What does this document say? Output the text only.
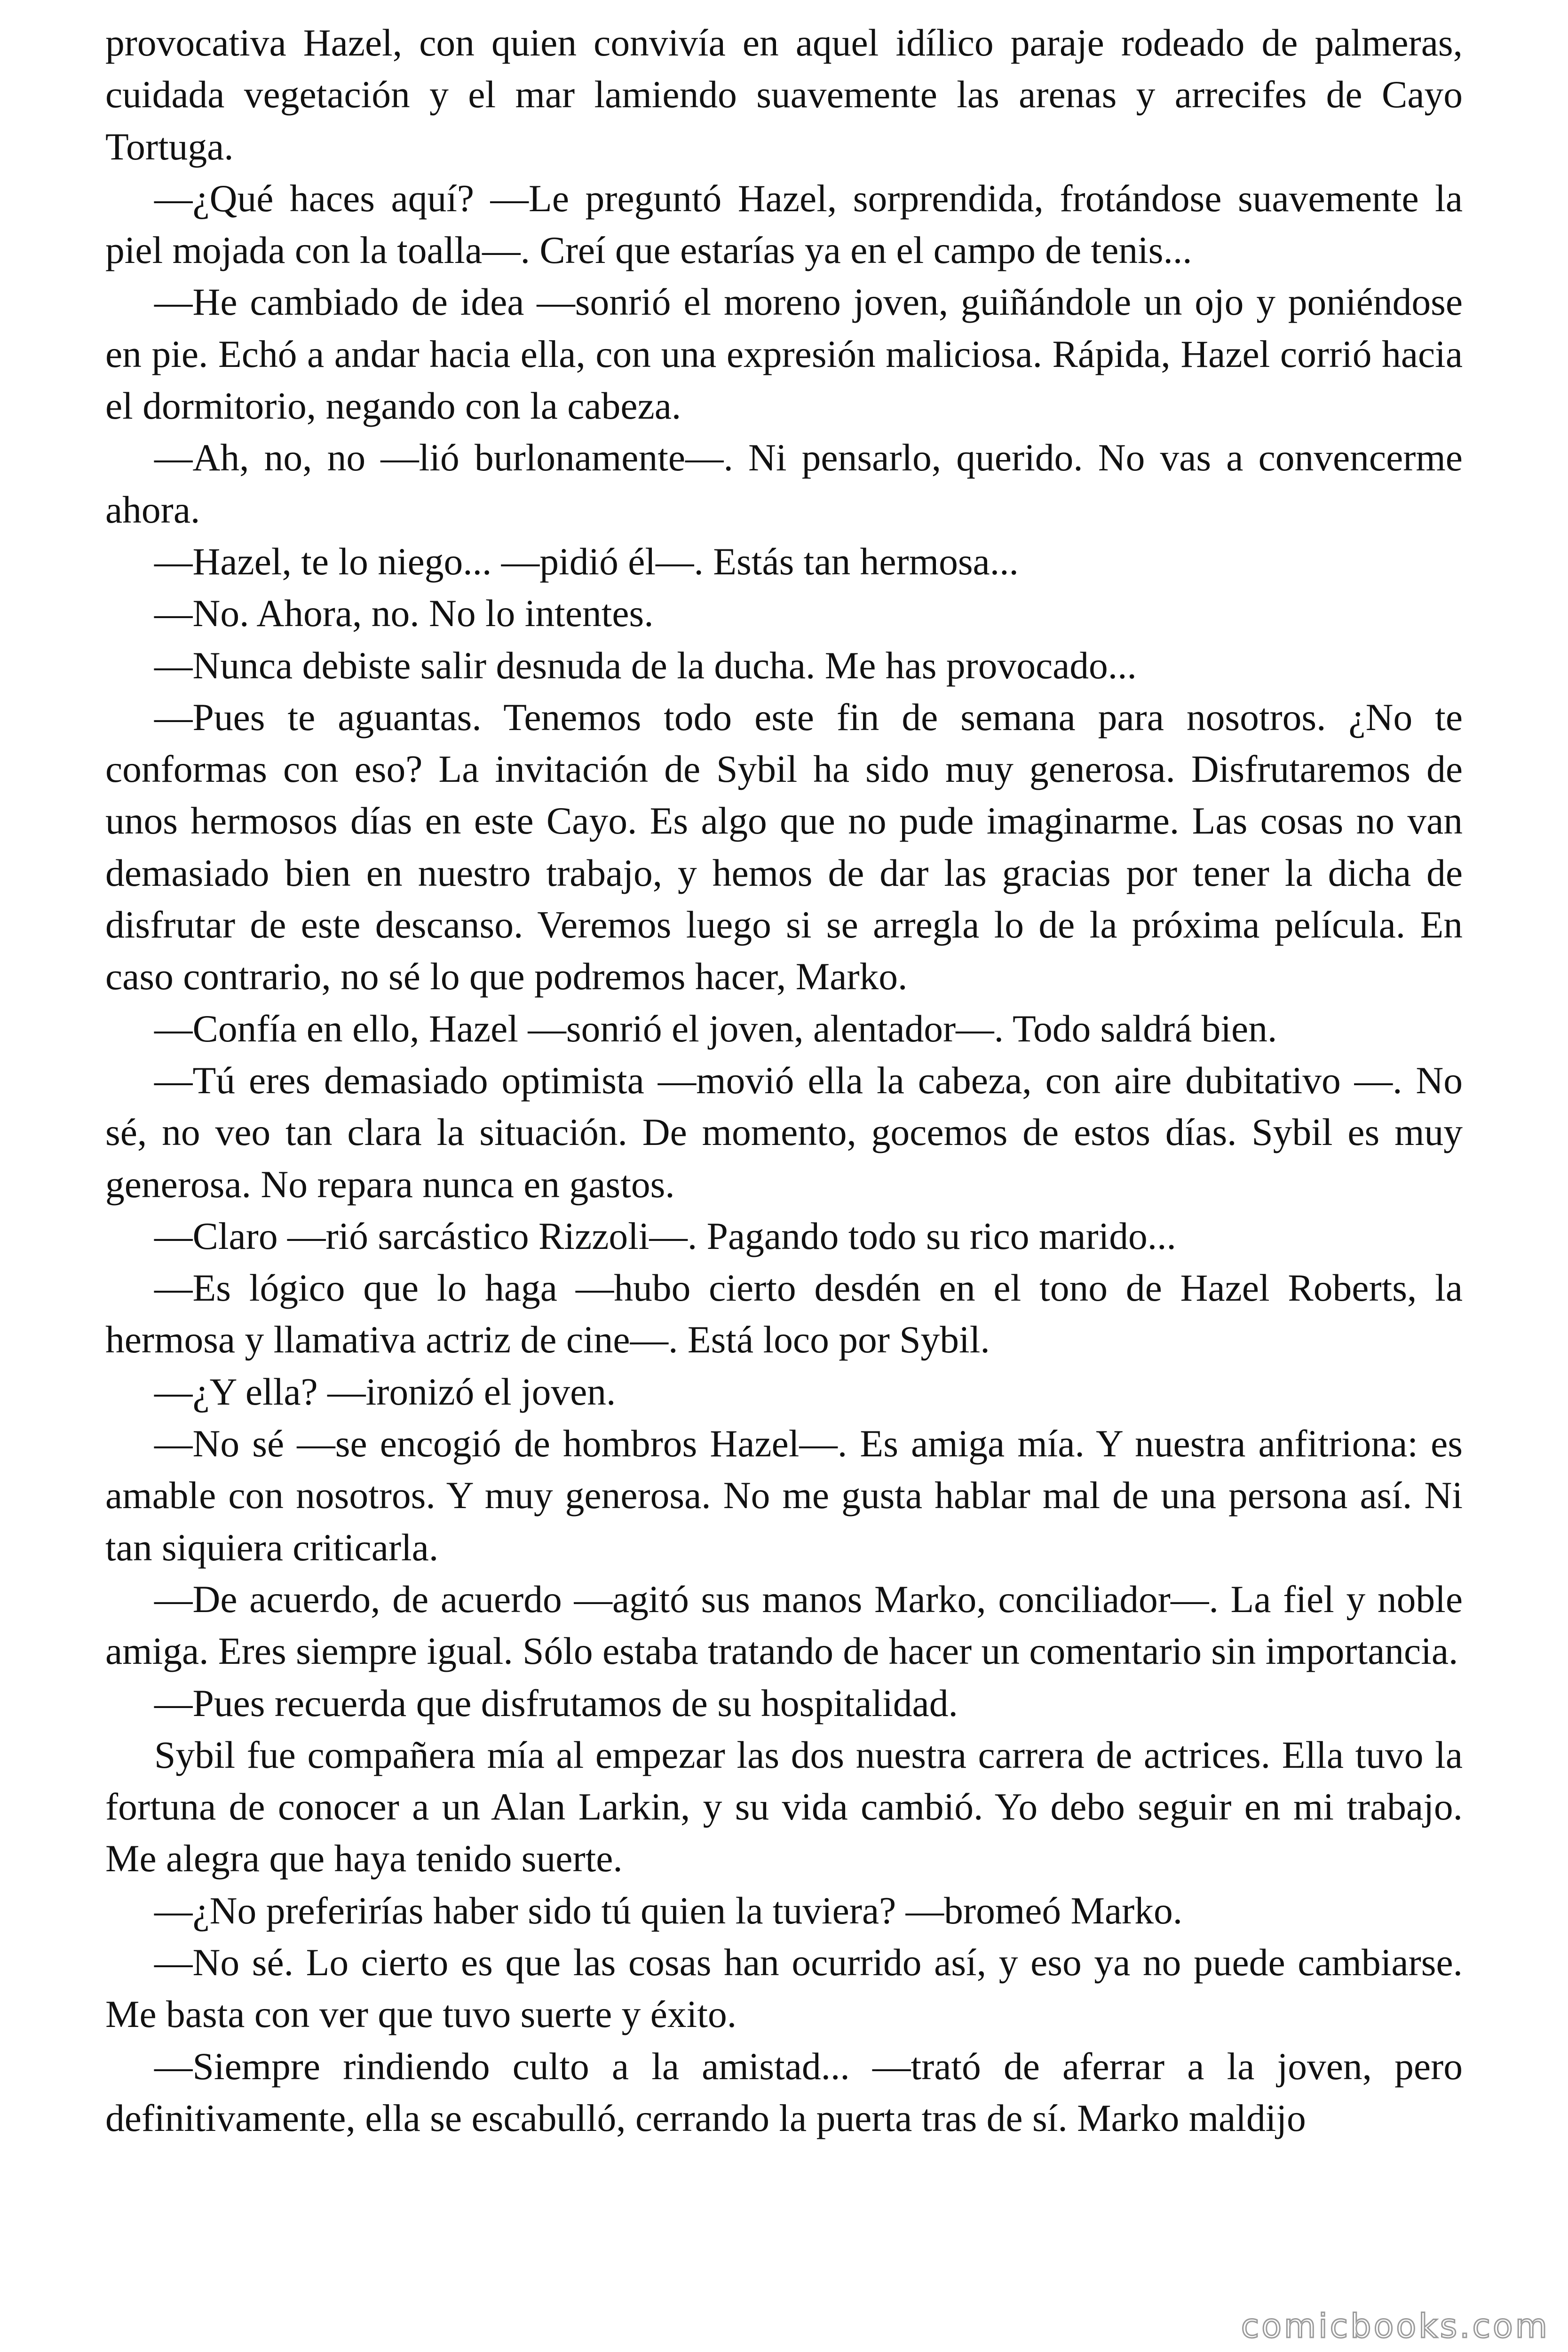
provocativa Hazel, con quien convivía en aquel idílico paraje rodeado de palmeras, cuidada vegetación y el mar lamiendo suavemente las arenas y arrecifes de Cayo Tortuga.

—¿Qué haces aquí? —Le preguntó Hazel, sorprendida, frotándose suavemente la piel mojada con la toalla—. Creí que estarías ya en el campo de tenis...

—He cambiado de idea —sonrió el moreno joven, guiñándole un ojo y poniéndose en pie. Echó a andar hacia ella, con una expresión maliciosa. Rápida, Hazel corrió hacia el dormitorio, negando con la cabeza.

—Ah, no, no —lió burlonamente—. Ni pensarlo, querido. No vas a convencerme ahora.

—Hazel, te lo niego... —pidió él—. Estás tan hermosa...

—No. Ahora, no. No lo intentes.

—Nunca debiste salir desnuda de la ducha. Me has provocado...

—Pues te aguantas. Tenemos todo este fin de semana para nosotros. ¿No te conformas con eso? La invitación de Sybil ha sido muy generosa. Disfrutaremos de unos hermosos días en este Cayo. Es algo que no pude imaginarme. Las cosas no van demasiado bien en nuestro trabajo, y hemos de dar las gracias por tener la dicha de disfrutar de este descanso. Veremos luego si se arregla lo de la próxima película. En caso contrario, no sé lo que podremos hacer, Marko.

—Confía en ello, Hazel —sonrió el joven, alentador—. Todo saldrá bien.

—Tú eres demasiado optimista —movió ella la cabeza, con aire dubitativo —. No sé, no veo tan clara la situación. De momento, gocemos de estos días. Sybil es muy generosa. No repara nunca en gastos.

—Claro —rió sarcástico Rizzoli—. Pagando todo su rico marido...

—Es lógico que lo haga —hubo cierto desdén en el tono de Hazel Roberts, la hermosa y llamativa actriz de cine—. Está loco por Sybil.

—¿Y ella? —ironizó el joven.

—No sé —se encogió de hombros Hazel—. Es amiga mía. Y nuestra anfitriona: es amable con nosotros. Y muy generosa. No me gusta hablar mal de una persona así. Ni tan siquiera criticarla.

—De acuerdo, de acuerdo —agitó sus manos Marko, conciliador—. La fiel y noble amiga. Eres siempre igual. Sólo estaba tratando de hacer un comentario sin importancia.

—Pues recuerda que disfrutamos de su hospitalidad.

Sybil fue compañera mía al empezar las dos nuestra carrera de actrices. Ella tuvo la fortuna de conocer a un Alan Larkin, y su vida cambió. Yo debo seguir en mi trabajo. Me alegra que haya tenido suerte.

—¿No preferirías haber sido tú quien la tuviera? —bromeó Marko.

—No sé. Lo cierto es que las cosas han ocurrido así, y eso ya no puede cambiarse. Me basta con ver que tuvo suerte y éxito.

—Siempre rindiendo culto a la amistad... —trató de aferrar a la joven, pero definitivamente, ella se escabulló, cerrando la puerta tras de sí. Marko maldijo

comicbooks.com
